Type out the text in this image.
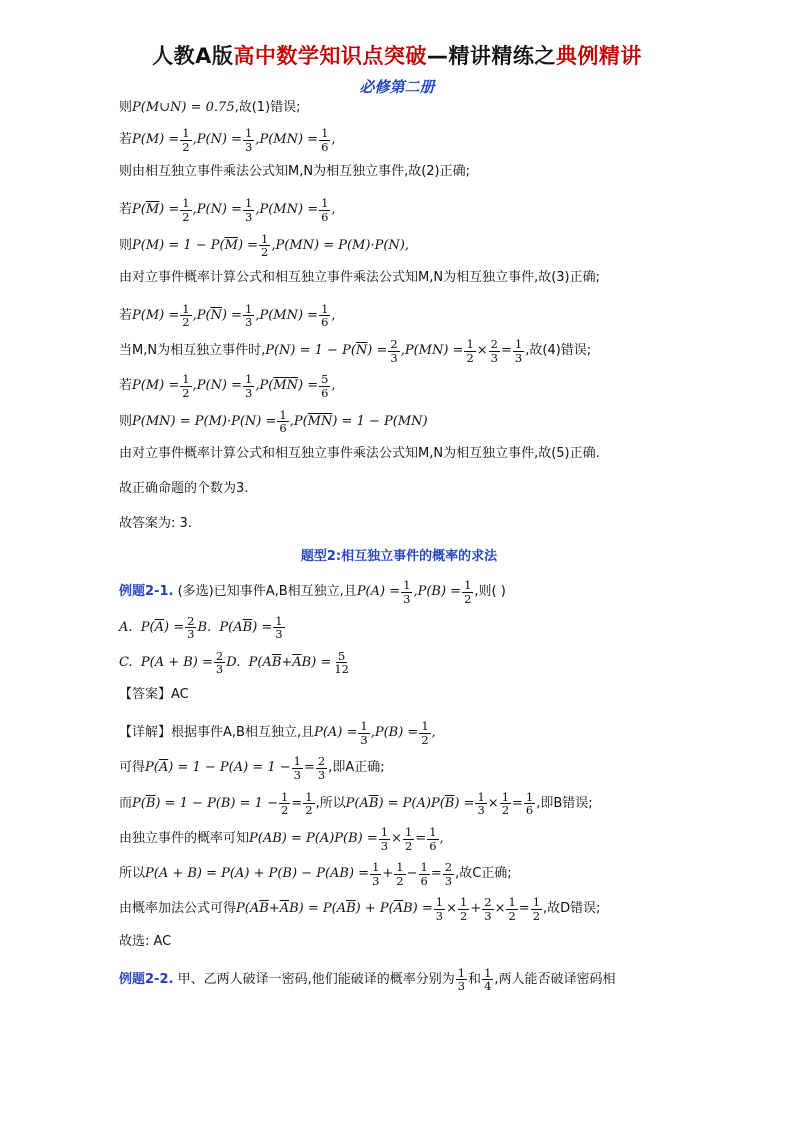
人教A版高中数学知识点突破—精讲精练之典例精讲
必修第二册
则 P(M∪N) = 0.75 ,故(1)错误;
若 $P(M) = \frac{1}{2} ,P(N) = \frac{1}{3} ,P(MN) = \frac{1}{6}$ ,
则由相互独立事件乘法公式知M,N为相互独立事件,故(2)正确;
若 P( $\overline{M}$ ) = $\frac{1}{2} ,P(N) = \frac{1}{3} ,P(MN) = \frac{1}{6}$ ,
则 P(M) = 1 − P( $\overline{M}$ ) = $\frac{1}{2} ,P(MN) = P(M)\cdot P(N)$,
由对立事件概率计算公式和相互独立事件乘法公式知M,N为相互独立事件,故(3)正确;
若 $P(M) = \frac{1}{2} ,P$( $\overline{N}$ ) = $\frac{1}{3} ,P(MN) = \frac{1}{6}$ ,
当M,N为相互独立事件时, P(N) = 1 − P( $\overline{N}$ ) = $\frac{2}{3} ,P(MN) = \frac{1}{2} \times \frac{2}{3} = \frac{1}{3}$ ,故(4)错误;
若 $P(M) = \frac{1}{2} ,P(N) = \frac{1}{3} ,P$( $\overline{MN}$ ) = $\frac{5}{6}$ ,
则 $P(MN) = P(M)\cdot P(N) = \frac{1}{6} ,P$( $\overline{MN}$ ) = 1 − P(MN)
由对立事件概率计算公式和相互独立事件乘法公式知M,N为相互独立事件,故(5)正确.
故正确命题的个数为3.
故答案为: 3.
题型2:相互独立事件的概率的求法
例题2-1.
(多选)已知事件A,B相互独立,且 $P(A) = \frac{1}{3} ,P(B) = \frac{1}{2}$ ,则( )
A.
P( $\overline{A}$ ) = $\frac{2}{3} B$.
P(A $\overline{B}$ ) = $\frac{1}{3}$
C.
$P(A + B) = \frac{2}{3} D$.
P(A $\overline{B} + \overline{A}$ $B) = \frac{5}{12}$
【答案】AC
【详解】根据事件A,B相互独立,且 $P(A) = \frac{1}{3} ,P(B) = \frac{1}{2}$ ,
可得 P( $\overline{A}$ ) = $1 - P(A) = 1 - \frac{1}{3} = \frac{2}{3}$ ,即A正确;
而 P( $\overline{B}$ ) = $1 - P(B) = 1 - \frac{1}{2} = \frac{1}{2}$ ,所以 P(A $\overline{B}$ ) = P(A)P( $\overline{B}$ ) = $\frac{1}{3} \times \frac{1}{2} = \frac{1}{6}$ ,即B错误;
由独立事件的概率可知 $P(AB) = P(A)P(B) = \frac{1}{3} \times \frac{1}{2} = \frac{1}{6}$ ,
所以 $P(A + B) = P(A) + P(B) - P(AB) = \frac{1}{3} + \frac{1}{2} - \frac{1}{6} = \frac{2}{3}$ ,故C正确;
由概率加法公式可得 P(A $\overline{B} + \overline{A}$ B) = P(A $\overline{B}$ ) + P( $\overline{A}$ $B) = \frac{1}{3} \times \frac{1}{2} + \frac{2}{3} \times \frac{1}{2} = \frac{1}{2}$ ,故D错误;
故选: AC
例题2-2.
甲、乙两人破译一密码,他们能破译的概率分别为 $\frac{1}{3}$ 和 $\frac{1}{4}$ ,两人能否破译密码相
